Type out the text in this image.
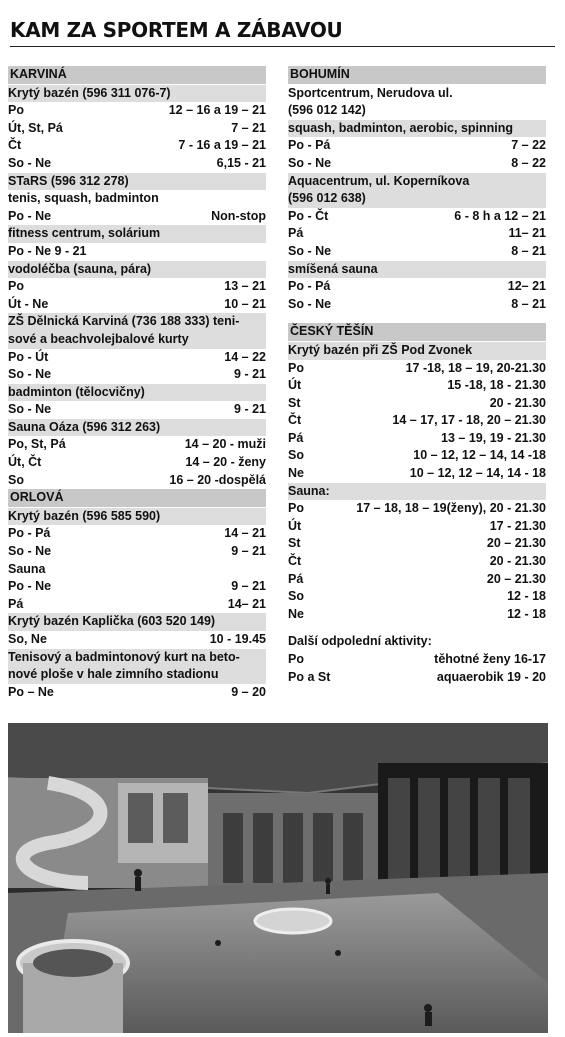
KAM ZA SPORTEM A ZÁBAVOU
KARVINÁ
Krytý bazén (596 311 076-7)
Po	12 – 16 a 19 – 21
Út, St, Pá	7 – 21
Čt	7 - 16 a 19 – 21
So - Ne	6,15 - 21
STaRS (596 312 278)
tenis, squash, badminton
Po - Ne	Non-stop
fitness centrum, solárium
Po - Ne 9 - 21
vodoléčba (sauna, pára)
Po	13 – 21
Út - Ne	10 – 21
ZŠ Dělnická Karviná (736 188 333) teni-
sové a beachvolejbalové kurty
Po - Út	14 – 22
So - Ne	9 - 21
badminton (tělocvičny)
So - Ne	9 - 21
Sauna Oáza (596 312 263)
Po, St, Pá	14 – 20 - muži
Út, Čt	14 – 20 - ženy
So	16 – 20 -dospělá
ORLOVÁ
Krytý bazén (596 585 590)
Po - Pá	14 – 21
So - Ne	9 – 21
Sauna
Po - Ne	9 – 21
Pá	14– 21
Krytý bazén Kaplička (603 520 149)
So, Ne	10 - 19.45
Tenisový a badmintonový kurt na beto-
nové ploše v hale zimního stadionu
Po – Ne	9 – 20
BOHUMÍN
Sportcentrum, Nerudova ul.
(596 012 142)
squash, badminton, aerobic, spinning
Po - Pá	7 – 22
So - Ne	8 – 22
Aquacentrum, ul. Koperníkova
(596 012 638)
Po - Čt	6 - 8 h a 12 – 21
Pá	11– 21
So - Ne	8 – 21
smíšená sauna
Po - Pá	12– 21
So - Ne	8 – 21
ČESKÝ TĚŠÍN
Krytý bazén při ZŠ Pod Zvonek
Po	17 -18, 18 – 19, 20-21.30
Út	15 -18, 18 - 21.30
St	20 - 21.30
Čt	14 – 17, 17 - 18, 20 – 21.30
Pá	13 – 19, 19 - 21.30
So	10 – 12, 12 – 14, 14 -18
Ne	10 – 12, 12 – 14, 14 - 18
Sauna:
Po	17 – 18, 18 – 19(ženy), 20 - 21.30
Út	17 - 21.30
St	20 – 21.30
Čt	20 - 21.30
Pá	20 – 21.30
So	12 - 18
Ne	12 - 18
Další odpolední aktivity:
Po	těhotné ženy 16-17
Po a St	aquaerobik 19 - 20
